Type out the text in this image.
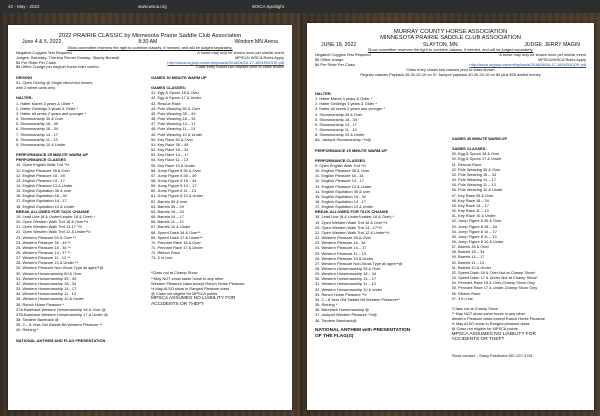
42 - May - 2022	www.wsca.org	WSCA Spotlight
2022 PRAIRIE CLASSIC by Minnesota Prairie Saddle Club Association
June 4 & 5, 2022	8:30 AM	Windom MN Arena
Show committee reserves the right to combine classes, if needed, and will be judged separately.
Negative Coggins Test Required	A horse may only be shown once per similar event
Judges: Saturday- Theresa Flemer Sunday- Stacey Burandt	MPSCA/ WSCA Rules Apply
$4 Per Rider Per Class	http://wsca.org/wp-content/uploads/2016/06/16-17-1891EBOOK.pdf
$5 Office Charge per day/per horse-rider combo	Class entry closes two classes prior to class shown
DRIVING
01. Open Driving @ Single hitch/mini horses
with 2 wheel carts only
HALTER:
1. Halter Mares 3 years & Older *
2. Halter Geldings 3 years & Older *
3. Halter all sexes 2 years and younger *
4. Showmanship 35 & Over
5. Showmanship 18 - 49
6. Showmanship 18 - 34
7. Showmanship 14 - 17
8. Showmanship 11 - 13
9. Showmanship 10 & Under
PERFORMANCE 25 MINUTE WARM-UP
PERFORMANCE CLASSES
10. Open English Walk Trot *½
11. English Pleasure 35 & Over
12. English Pleasure 18 - 49
13. English Pleasure 14 - 17
14. English Pleasure 13 & Under
15. English Equitation 35 & over
16. English Equitation 18 - 34
17. English Equitation 14 - 17
18. English Equitation 13 & Under
BREAK ALLOWED FOR TACK CHANGE
19. Lead Line (8 & Under/Leader 18 & Over) *
20. Open Western Walk Trot 18 & Over*½
21. Open Western Walk Trot 13-17 *½
22. Open Western Walk Trot 12 & Under*½
23. Western Pleasure 50 & Over **
24. Western Pleasure 35 - 49 **
25. Western Pleasure 18 - 34 **
26. Western Pleasure 14 - 17 **
27. Western Pleasure 11 - 13 **
28. Western Pleasure 10 & Under **
29. Western Pleasure Non-Stock Type all ages**@
30. Western Horsemanship 50 & Over
31. Western Horsemanship 35 - 49
32. Western Horsemanship 18 - 34
33. Western Horsemanship 14 - 17
34. Western Horsemanship 11 - 13
35. Western Horsemanship 10 & Under
36. Ranch Horse Pleasure *
37A.Bareback Western Horsemanship 18 & Over @
37B.Bareback Western Horsemanship 17 & Under @
38. Tandem Bareback @
39. 2 – 8-Year-Old Saddle Bit Western Pleasure **
40. Reining *
NATIONAL ANTHEM AND FLAG PRESENTATION
GAMES 30 MINUTE WARM UP
GAMES CLASSES:
41. Egg & Spoon 18 & Over
42. Egg & Spoon 17 & Under
43. Rescue Race
44. Pole Weaving 50 & Over
45. Pole Weaving 35 – 49
46. Pole Weaving 18 – 34
47. Pole Weaving 14 – 17
48. Pole Weaving 11 – 13
49. Pole Weaving 10 & Under
50. Key Race 50 & Over
51. Key Race 35 – 49
52. Key Race 18 – 34
53. Key Race 14 – 17
54. Key Race 11 – 13
55. Key Race 10 & Under
56. Jump Figure 8 50 & Over
57. Jump Figure 8 35 – 49
58. Jump Figure 8 18 – 34
59. Jump Figure 8 14 – 17
60. Jump Figure 8 11 – 13
61. Jump Figure 8 10 & Under
62. Barrels 50 & over
63. Barrels 35 – 49
64. Barrels 18 – 34
65. Barrels 14 – 17
66. Barrels 11 – 13
67. Barrels 10 & Under
68. Speed Dash 18 & Over**
69. Speed Dash 17 & Under**
70. Pennant Race 18 & Over
71. Pennant Race 17 & Under
72. Ribbon Race
73. 3 In Line
*Class not at Champ Show
**May NOT show same horse in any other
Western Pleasure class except Ranch Horse Pleasure
½ May ALSO show in Ranged Pleasure class
@ Class not eligible for MPSCA points
MPSCA ASSUMES NO LIABILITY FOR
ACCIDENTS OR THEFT
MURRAY COUNTY HORSE ASSOCIATION
MINNESOTA PRAIRIE SADDLE CLUB ASSOCIATION
JUNE 18, 2022	SLAYTON, MN	JUDGE: JERRY MAGIN
Show committee reserves the right to combine classes, if needed, and will be judged separately.
Negative Coggins Test Required	A horse may only be shown once per similar event
$5 Office charge	MPSCA/WSCA Rules Apply
$4 Per Rider Per Class	http://wsca.org/wp-content/uploads/2016/06/16-17-1891EBOOK.pdf
Class entry closes two classes prior to class shown
Regular classes Payback 45-30-20-10 on 5+ Jackpot payback 40-30-20-10 on $2 plus $25 added money
HALTER:
1. Halter Mares 3 years & Older *
2. Halter Geldings 3 years & Older *
3. Halter all sexes 2 years and younger *
4. Showmanship 35 & Over
5. Showmanship 18 - 34
6. Showmanship 14 - 17
7. Showmanship 11 - 13
8. Showmanship 10 & Under
8A. Jackpot Showmanship ^½@
PERFORMANCE 25 MINUTE WARM-UP
PERFORMANCE CLASSES
9. Open English Walk Trot *½
10. English Pleasure 35 & Over
11. English Pleasure 18 - 34
12. English Pleasure 14 - 17
13. English Pleasure 13 & Under
14. English Equitation 35 & over
15. English Equitation 18 - 34
16. English Equitation 14 - 17
17. English Equitation 13 & Under
BREAK ALLOWED FOR TACK CHANGE
18. Lead Line (8 & Under/Leader 18 & Over) *
19. Open Western Walk Trot 18 & Over*½
20. Open Western Walk Trot 13 - 17*½
21. Open Western Walk Trot 12 & Under*½
22. Western Pleasure 35 & Over
23. Western Pleasure 18 - 34
24. Western Pleasure 14 – 17
25. Western Pleasure 11 – 13
26. Western Pleasure 10 & Under
27. Western Pleasure Non-Stock Type all ages**@
28. Western Horsemanship 35 & Over
29. Western Horsemanship 18 – 34
30. Western Horsemanship 14 – 17
31. Western Horsemanship 11 – 13
32. Western Horsemanship 10 & under
33. Ranch Horse Pleasure *½
34. 2 – 8 Year Old Saddle Bit Western Pleasure**
35. Reining *
36. Bareback Horsemanship @
37. Jackpot Western Pleasure ^½@
38. Tandem Bareback@
NATIONAL ANTHEM with PRESENTATION
OF THE FLAG(S)
GAMES 30 MINUTE WARM UP
GAMES CLASSES:
39. Egg & Spoon 18 & Over
40. Egg & Spoon 17 & Under
41. Rescue Race
42. Pole Weaving 35 & Over
43. Pole Weaving 18 – 34
44. Pole Weaving 14 – 17
45. Pole Weaving 11 – 13
46. Pole Weaving 10 & Under
47. Key Race 35 & Over
48. Key Race 18 – 34
49. Key Race 14 – 17
50. Key Race 11 – 13
51. Key Race 10 & Under
52. Jump Figure 8 35 & Over
53. Jump Figure 8 18 – 34
54. Jump Figure 8 14 – 17
55. Jump Figure 8 11 – 13
56. Jump Figure 8 10 & Under
57. Barrels 35 & Over
58. Barrels 18 – 34
59. Barrels 14 – 17
60. Barrels 11 – 13
61. Barrels 10 & Under
62. Speed Dash 18 & Over-Not at Champ Show*
63. Speed Dash 17 & Under-Not at Champ Show*
64. Pennant Race 18 & Over-Champ Show Only
65. Pennant Race 17 & Under-Champ Show Only
66. Ribbon Race
67. 3 In Line
*Class not at Champ Show
** May NOT show same horse in any other
Western Pleasure class except Ranch Horse Pleasure
½ May ALSO show in Ranged pleasure class
@ Class not eligible for MPSCA points
MPSCA ASSUMES NO LIABILITY FOR
ACCIDENTS OR THEFT
Show contact – Stacy Posthuma 507-227-3761
